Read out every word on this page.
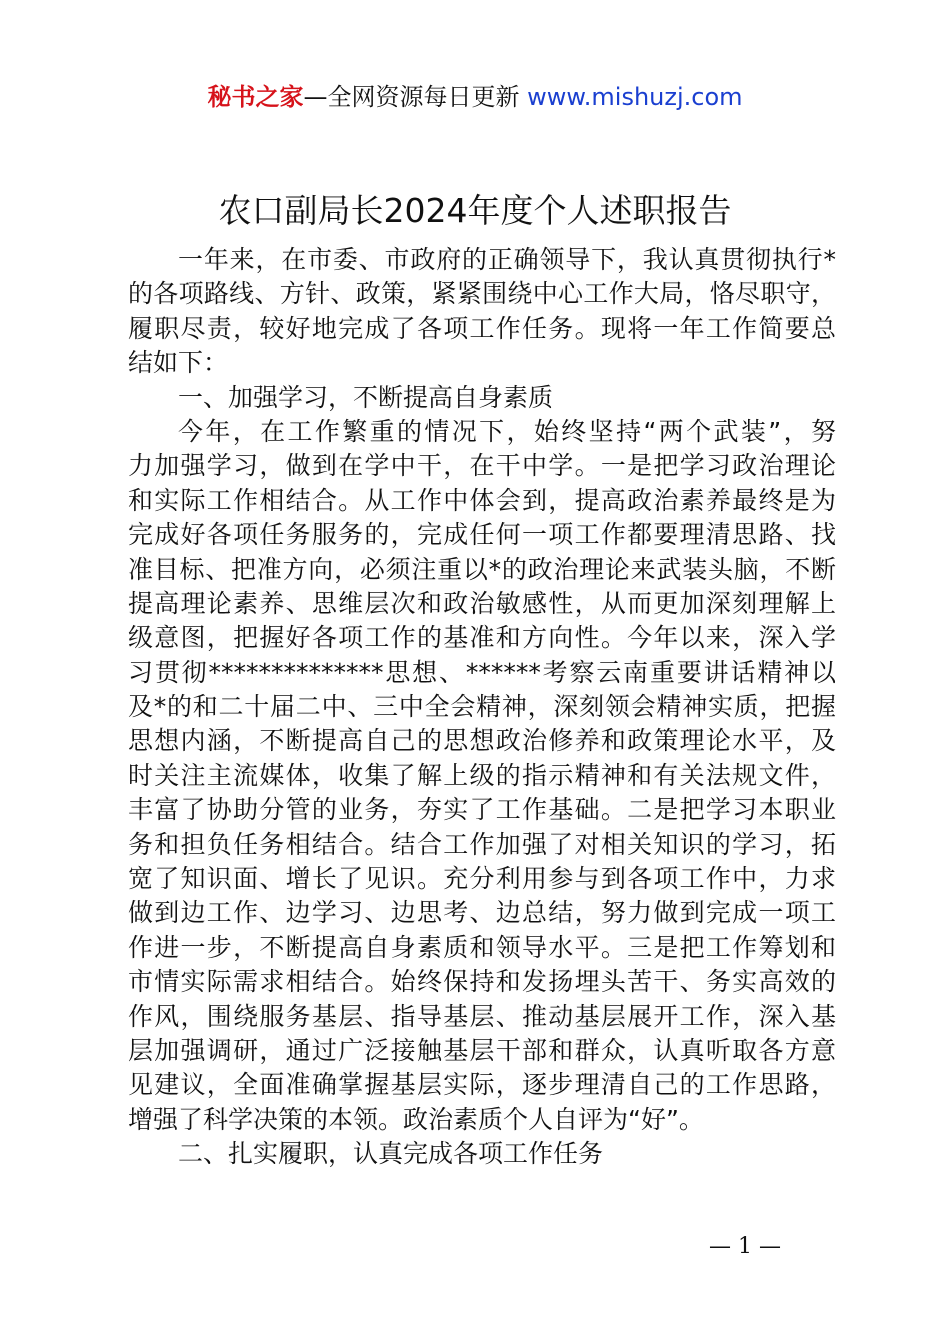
秘书之家—全网资源每日更新 www.mishuzj.com
农口副局长2024年度个人述职报告
一年来，在市委、市政府的正确领导下，我认真贯彻执行*
的各项路线、方针、政策，紧紧围绕中心工作大局，恪尽职守，
履职尽责，较好地完成了各项工作任务。现将一年工作简要总
结如下：
一、加强学习，不断提高自身素质
今年，在工作繁重的情况下，始终坚持“两个武装”，努
力加强学习，做到在学中干，在干中学。一是把学习政治理论
和实际工作相结合。从工作中体会到，提高政治素养最终是为
完成好各项任务服务的，完成任何一项工作都要理清思路、找
准目标、把准方向，必须注重以*的政治理论来武装头脑，不断
提高理论素养、思维层次和政治敏感性，从而更加深刻理解上
级意图，把握好各项工作的基准和方向性。今年以来，深入学
习贯彻**************思想、******考察云南重要讲话精神以
及*的和二十届二中、三中全会精神，深刻领会精神实质，把握
思想内涵，不断提高自己的思想政治修养和政策理论水平，及
时关注主流媒体，收集了解上级的指示精神和有关法规文件，
丰富了协助分管的业务，夯实了工作基础。二是把学习本职业
务和担负任务相结合。结合工作加强了对相关知识的学习，拓
宽了知识面、增长了见识。充分利用参与到各项工作中，力求
做到边工作、边学习、边思考、边总结，努力做到完成一项工
作进一步，不断提高自身素质和领导水平。三是把工作筹划和
市情实际需求相结合。始终保持和发扬埋头苦干、务实高效的
作风，围绕服务基层、指导基层、推动基层展开工作，深入基
层加强调研，通过广泛接触基层干部和群众，认真听取各方意
见建议，全面准确掌握基层实际，逐步理清自己的工作思路，
增强了科学决策的本领。政治素质个人自评为“好”。
二、扎实履职，认真完成各项工作任务
— 1 —
